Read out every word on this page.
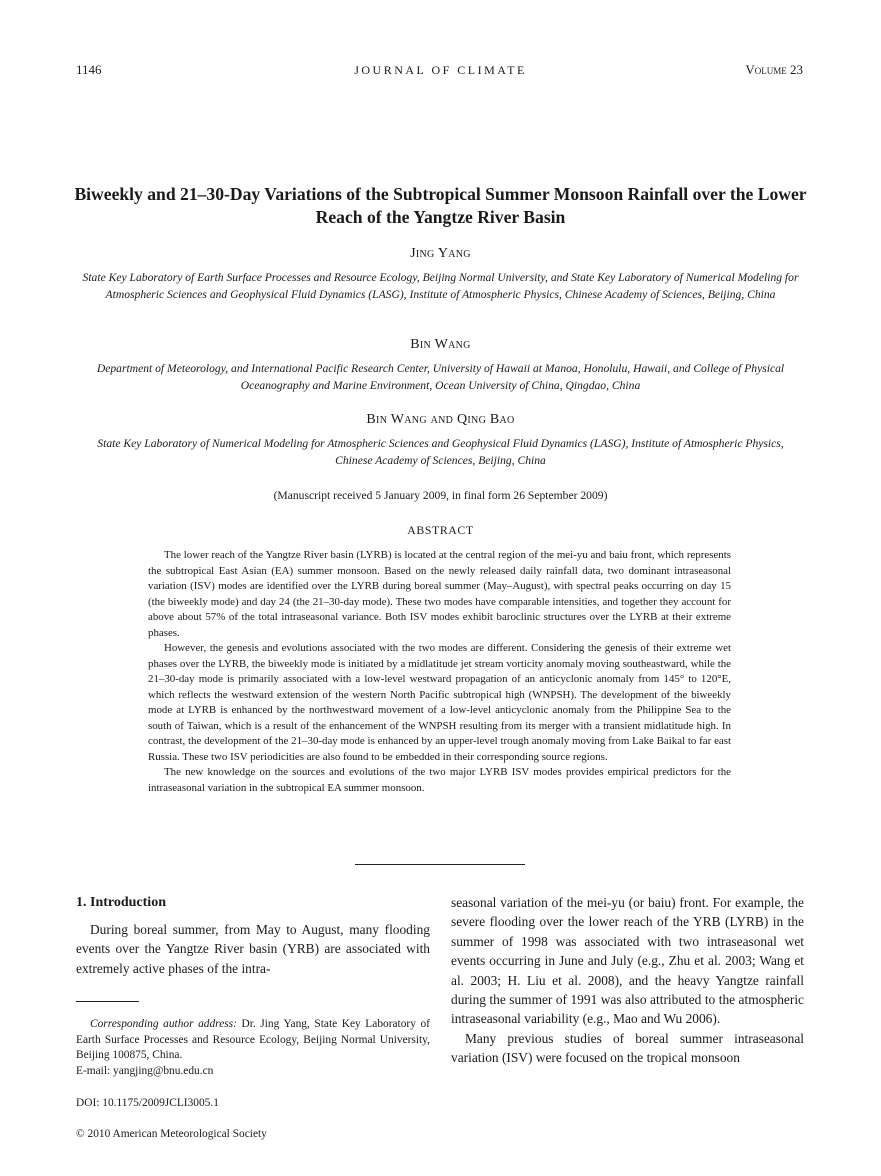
1146	JOURNAL OF CLIMATE	Volume 23
Biweekly and 21–30-Day Variations of the Subtropical Summer Monsoon Rainfall over the Lower Reach of the Yangtze River Basin
Jing Yang
State Key Laboratory of Earth Surface Processes and Resource Ecology, Beijing Normal University, and State Key Laboratory of Numerical Modeling for Atmospheric Sciences and Geophysical Fluid Dynamics (LASG), Institute of Atmospheric Physics, Chinese Academy of Sciences, Beijing, China
Bin Wang
Department of Meteorology, and International Pacific Research Center, University of Hawaii at Manoa, Honolulu, Hawaii, and College of Physical Oceanography and Marine Environment, Ocean University of China, Qingdao, China
Bin Wang and Qing Bao
State Key Laboratory of Numerical Modeling for Atmospheric Sciences and Geophysical Fluid Dynamics (LASG), Institute of Atmospheric Physics, Chinese Academy of Sciences, Beijing, China
(Manuscript received 5 January 2009, in final form 26 September 2009)
ABSTRACT

The lower reach of the Yangtze River basin (LYRB) is located at the central region of the mei-yu and baiu front, which represents the subtropical East Asian (EA) summer monsoon. Based on the newly released daily rainfall data, two dominant intraseasonal variation (ISV) modes are identified over the LYRB during boreal summer (May–August), with spectral peaks occurring on day 15 (the biweekly mode) and day 24 (the 21–30-day mode). These two modes have comparable intensities, and together they account for above about 57% of the total intraseasonal variance. Both ISV modes exhibit baroclinic structures over the LYRB at their extreme phases.

However, the genesis and evolutions associated with the two modes are different. Considering the genesis of their extreme wet phases over the LYRB, the biweekly mode is initiated by a midlatitude jet stream vorticity anomaly moving southeastward, while the 21–30-day mode is primarily associated with a low-level westward propagation of an anticyclonic anomaly from 145° to 120°E, which reflects the westward extension of the western North Pacific subtropical high (WNPSH). The development of the biweekly mode at LYRB is enhanced by the northwestward movement of a low-level anticyclonic anomaly from the Philippine Sea to the south of Taiwan, which is a result of the enhancement of the WNPSH resulting from its merger with a transient midlatitude high. In contrast, the development of the 21–30-day mode is enhanced by an upper-level trough anomaly moving from Lake Baikal to far east Russia. These two ISV periodicities are also found to be embedded in their corresponding source regions.

The new knowledge on the sources and evolutions of the two major LYRB ISV modes provides empirical predictors for the intraseasonal variation in the subtropical EA summer monsoon.

1. Introduction

During boreal summer, from May to August, many flooding events over the Yangtze River basin (YRB) are associated with extremely active phases of the intra-

Corresponding author address: Dr. Jing Yang, State Key Laboratory of Earth Surface Processes and Resource Ecology, Beijing Normal University, Beijing 100875, China.

E-mail: yangjing@bnu.edu.cn

DOI: 10.1175/2009JCLI3005.1
© 2010 American Meteorological Society

seasonal variation of the mei-yu (or baiu) front. For example, the severe flooding over the lower reach of the YRB (LYRB) in the summer of 1998 was associated with two intraseasonal wet events occurring in June and July (e.g., Zhu et al. 2003; Wang et al. 2003; H. Liu et al. 2008), and the heavy Yangtze rainfall during the summer of 1991 was also attributed to the atmospheric intraseasonal variability (e.g., Mao and Wu 2006).

Many previous studies of boreal summer intraseasonal variation (ISV) were focused on the tropical monsoon
